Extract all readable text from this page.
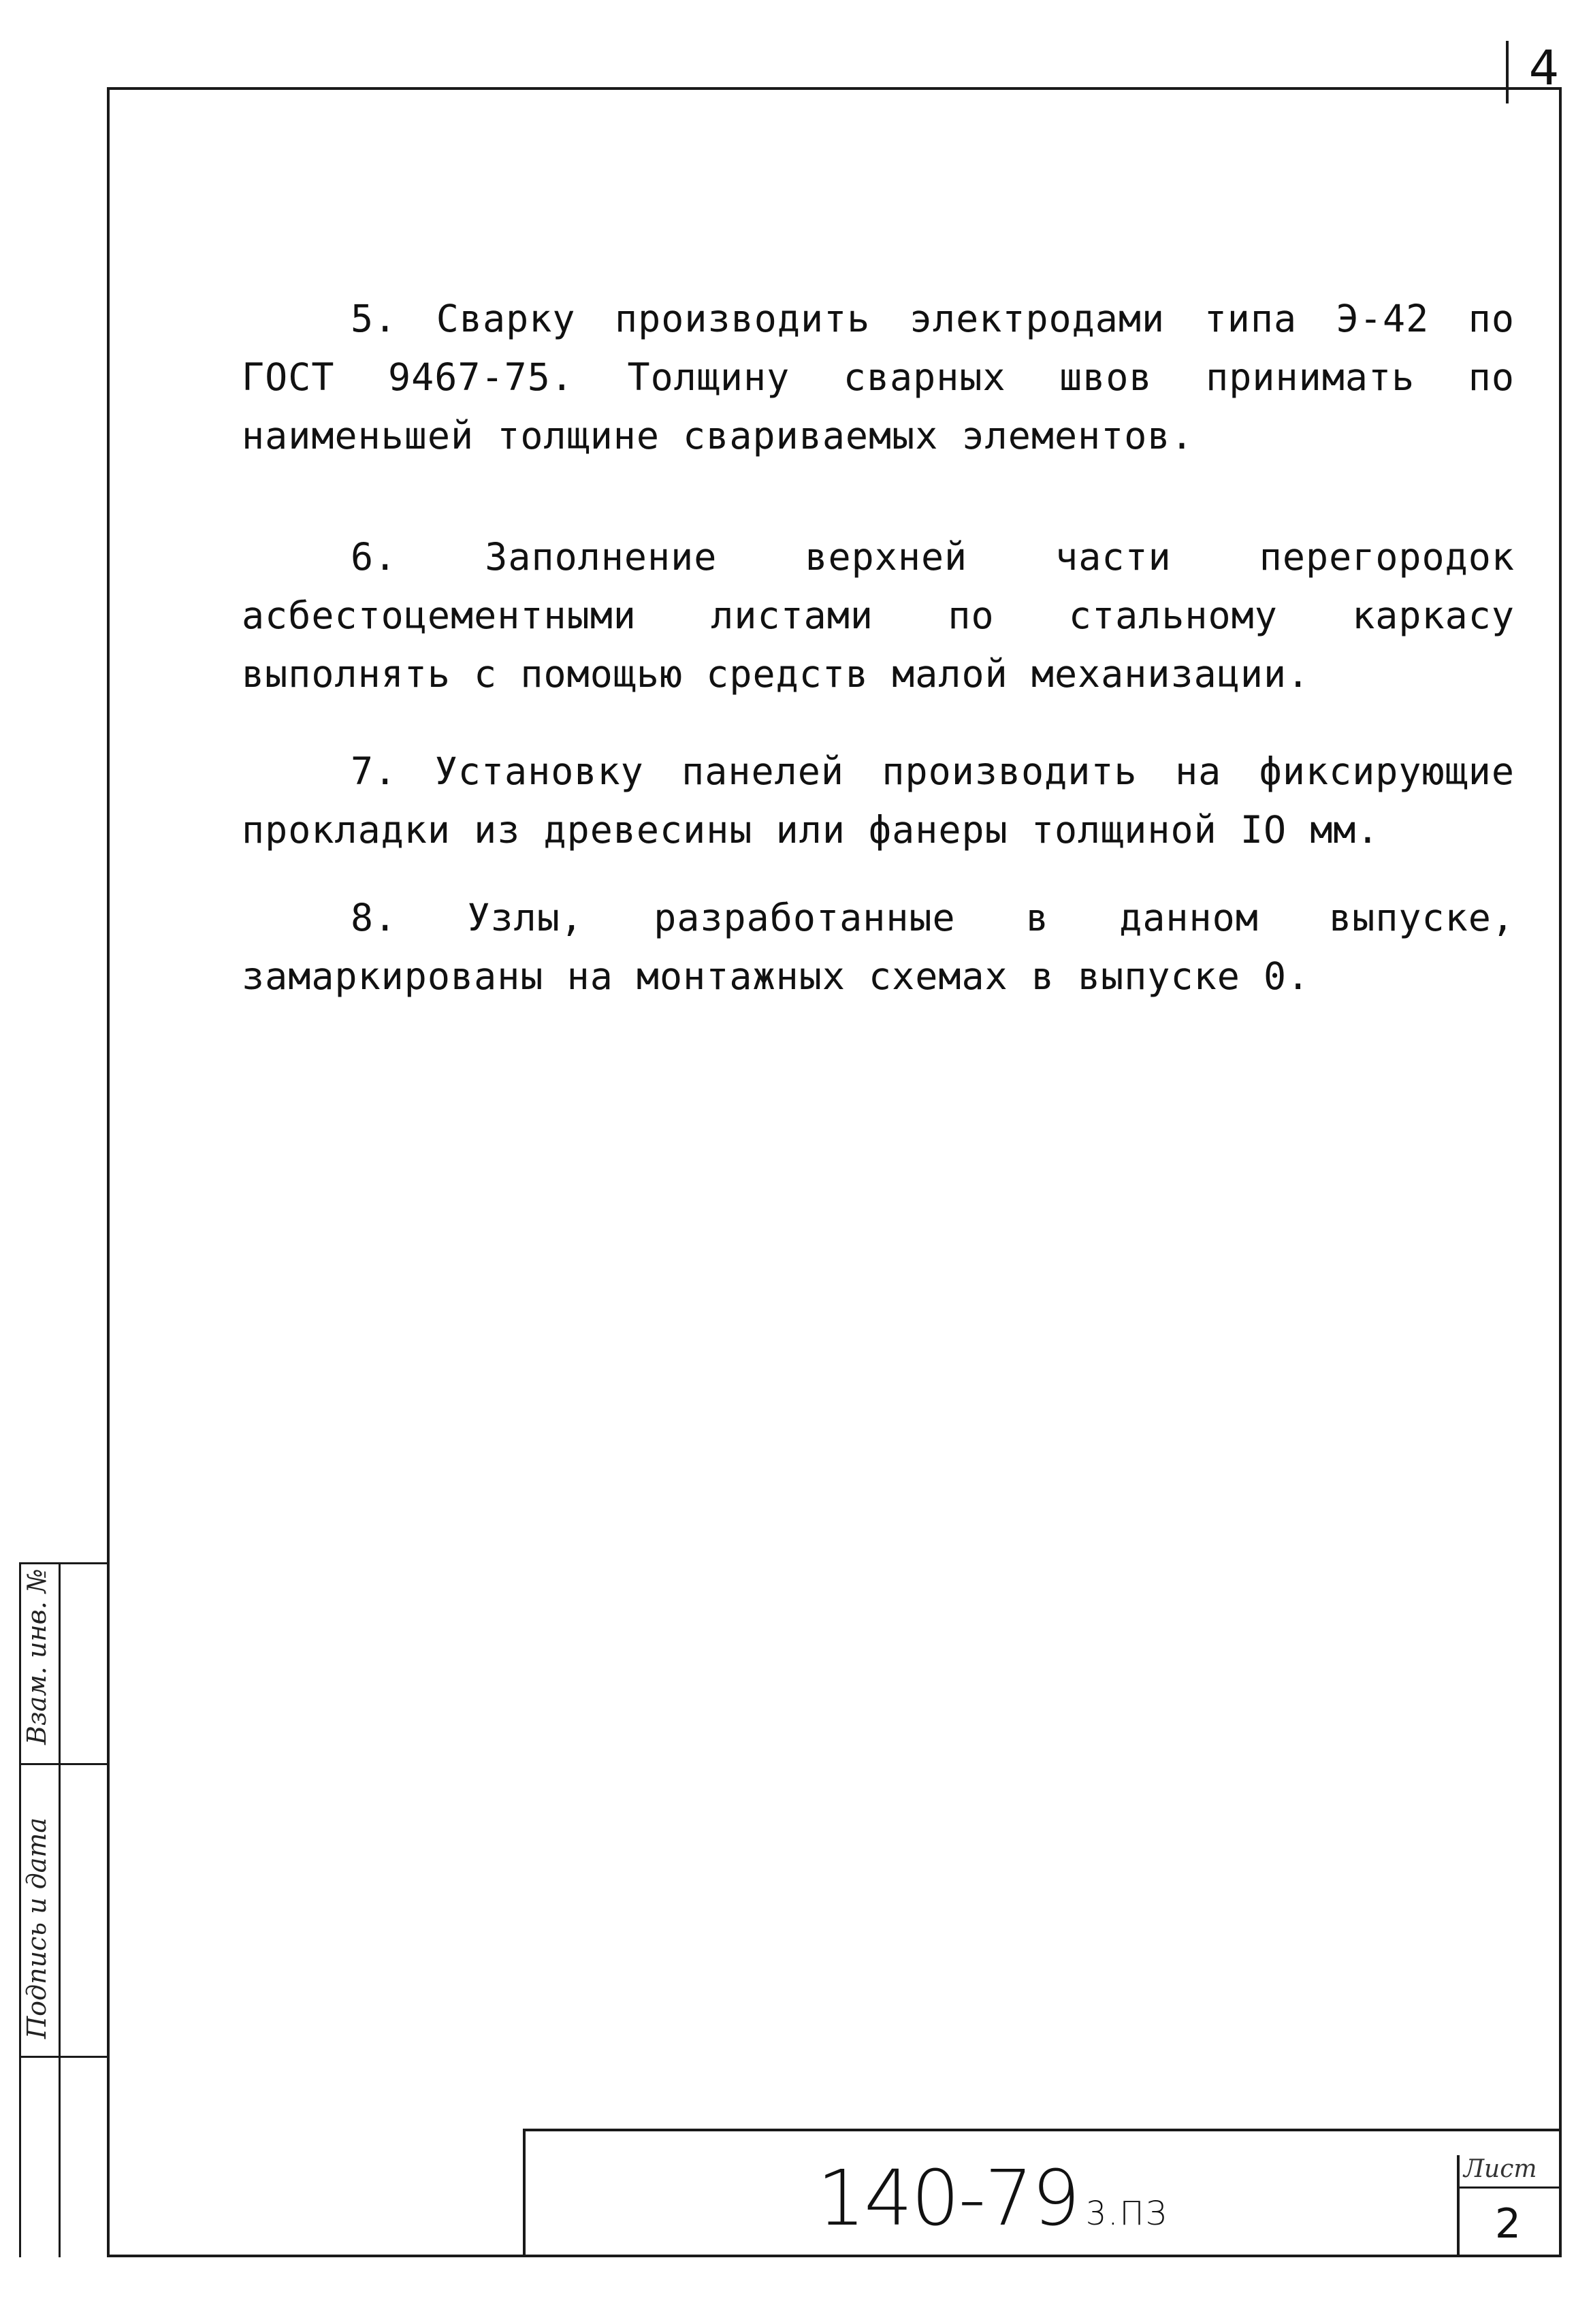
4

5. Сварку производить электродами типа Э-42 по ГОСТ 9467-75. Толщину сварных швов принимать по наименьшей толщине свариваемых элементов.

6. Заполнение верхней части перегородок асбестоцементными листами по стальному каркасу выполнять с помощью средств малой механизации.

7. Установку панелей производить на фиксирующие прокладки из древесины или фанеры толщиной IO мм.

8. Узлы, разработанные в данном выпуске, замаркированы на монтажных схемах в выпуске 0.

Взам. инв. №
Подпись и дата
140-79 3.ПЗ
Лист
2
